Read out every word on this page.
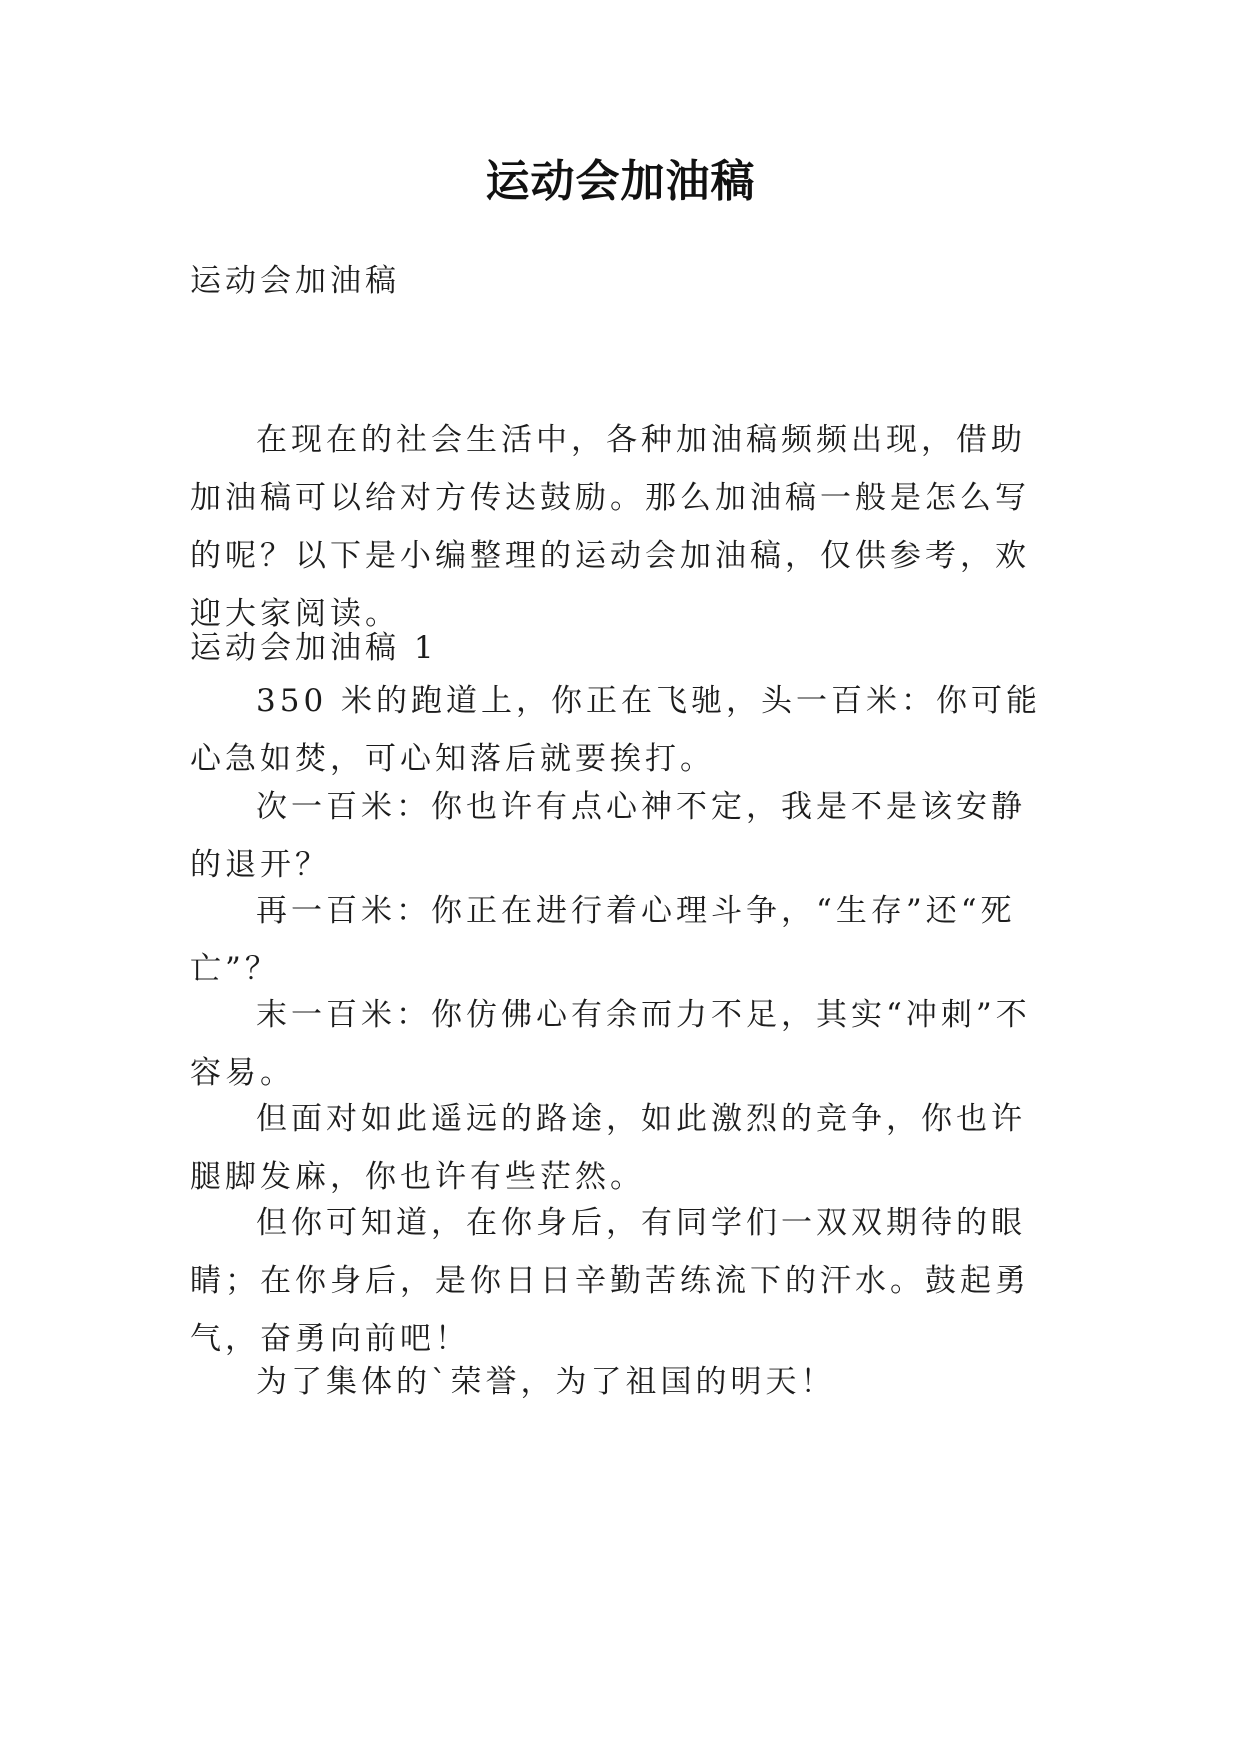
运动会加油稿

运动会加油稿

在现在的社会生活中，各种加油稿频频出现，借助加油稿可以给对方传达鼓励。那么加油稿一般是怎么写的呢？以下是小编整理的运动会加油稿，仅供参考，欢迎大家阅读。

运动会加油稿 1

350 米的跑道上，你正在飞驰，头一百米：你可能心急如焚，可心知落后就要挨打。

次一百米：你也许有点心神不定，我是不是该安静的退开？

再一百米：你正在进行着心理斗争，“生存”还“死亡”？

末一百米：你仿佛心有余而力不足，其实“冲刺”不容易。

但面对如此遥远的路途，如此激烈的竞争，你也许腿脚发麻，你也许有些茫然。

但你可知道，在你身后，有同学们一双双期待的眼睛；在你身后，是你日日辛勤苦练流下的汗水。鼓起勇气，奋勇向前吧！

为了集体的`荣誉，为了祖国的明天！
